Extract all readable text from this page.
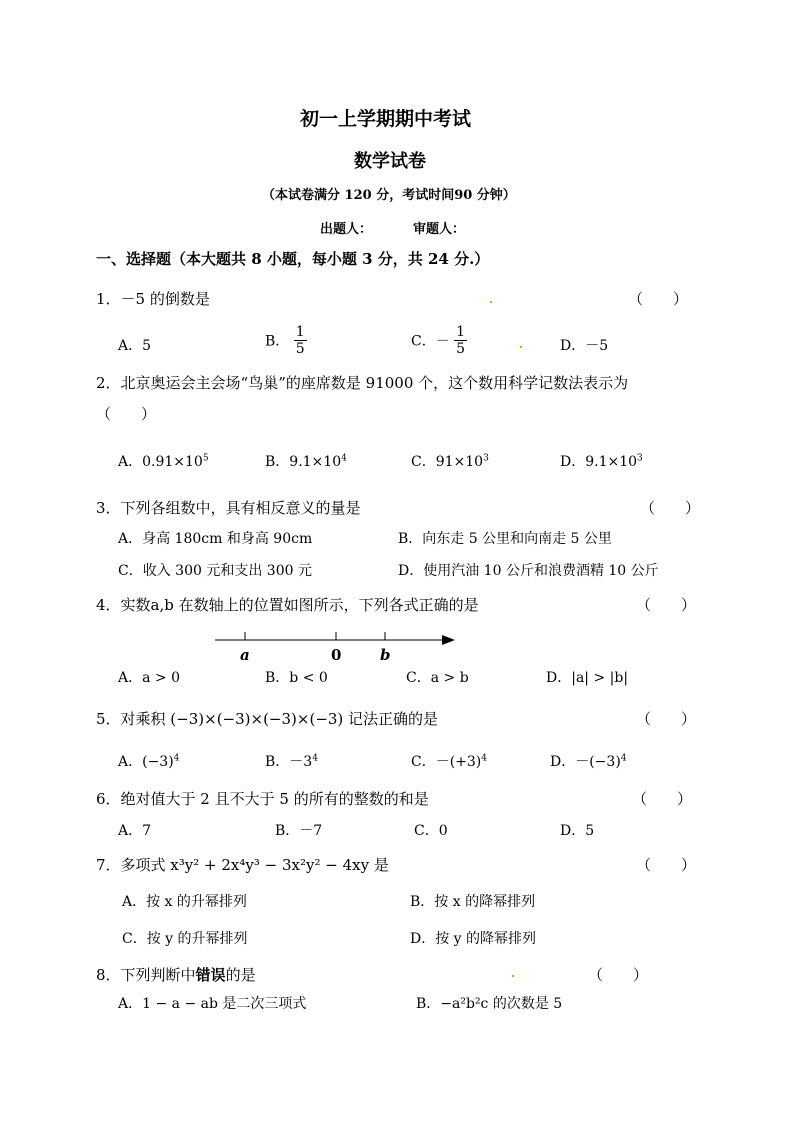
初一上学期期中考试
数学试卷
（本试卷满分 120 分，考试时间90 分钟）
出题人：	审题人：
一、选择题（本大题共 8 小题，每小题 3 分，共 24 分.）
1．－5 的倒数是	（　　）
A．5	B． $\frac{1}{5}$	C．－ $\frac{1}{5}$	D．－5
2．北京奥运会主会场“鸟巢”的座席数是 91000 个，这个数用科学记数法表示为
（　　）
A．$0.91\times 10^5$	B．$9.1\times 10^4$	C．$91\times 10^3$	D．$9.1\times 10^3$
3．下列各组数中，具有相反意义的量是	（　　）
A．身高 180cm 和身高 90cm	B．向东走 5 公里和向南走 5 公里
C．收入 300 元和支出 300 元	D．使用汽油 10 公斤和浪费酒精 10 公斤
4．实数a,b 在数轴上的位置如图所示，下列各式正确的是	（　　）
a	0	b
A．a > 0	B．b < 0	C．a > b	D．|a| > |b|
5．对乘积 (−3)×(−3)×(−3)×(−3) 记法正确的是	（　　）
A．$(-3)^4$	B．$-3^4$	C．$-(+3)^4$	D．$-(-3)^4$
6．绝对值大于 2 且不大于 5 的所有的整数的和是	（　　）
A．7	B．－7	C．0	D．5
7．多项式 x³y² + 2x⁴y³ − 3x²y² − 4xy 是	（　　）
A．按 x 的升幂排列	B．按 x 的降幂排列
C．按 y 的升幂排列	D．按 y 的降幂排列
8．下列判断中错误的是	（　　）
A．1 − a − ab 是二次三项式	B．−a²b²c 的次数是 5
